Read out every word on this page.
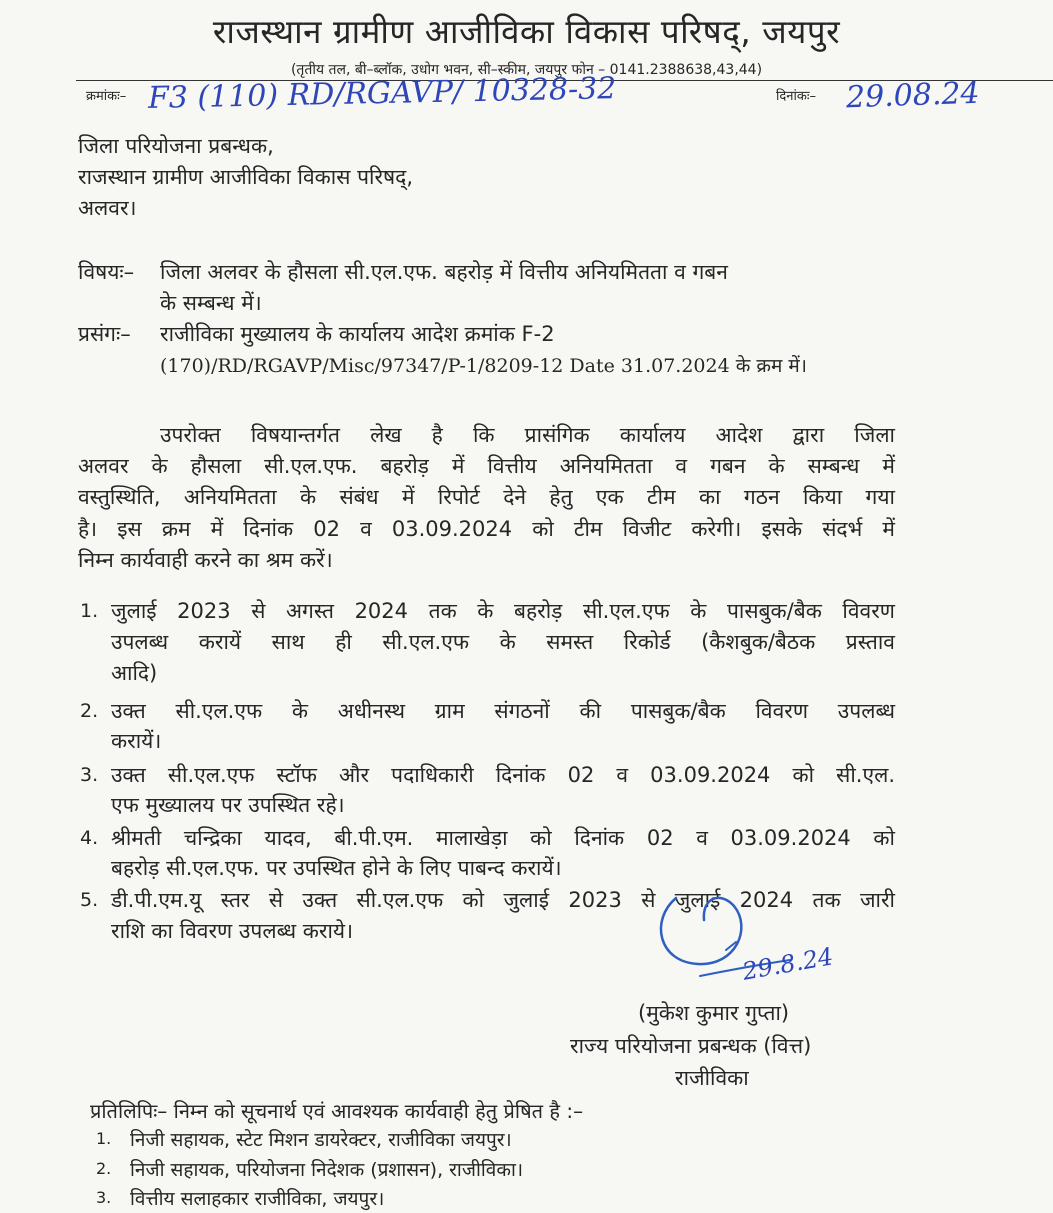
राजस्थान ग्रामीण आजीविका विकास परिषद्, जयपुर
(तृतीय तल, बी–ब्लॉक, उधोग भवन, सी–स्कीम, जयपुर फोन – 0141.2388638,43,44)
क्रमांकः– F3 (110) RD/RGAVP/ 10328-32	दिनांकः– 29.08.24
जिला परियोजना प्रबन्धक,
राजस्थान ग्रामीण आजीविका विकास परिषद्,
अलवर।
विषयः– जिला अलवर के हौसला सी.एल.एफ. बहरोड़ में वित्तीय अनियमितता व गबन
के सम्बन्ध में।
प्रसंगः– राजीविका मुख्यालय के कार्यालय आदेश क्रमांक F-2
(170)/RD/RGAVP/Misc/97347/P-1/8209-12 Date 31.07.2024 के क्रम में।
उपरोक्त विषयान्तर्गत लेख है कि प्रासंगिक कार्यालय आदेश द्वारा जिला
अलवर के हौसला सी.एल.एफ. बहरोड़ में वित्तीय अनियमितता व गबन के सम्बन्ध में
वस्तुस्थिति, अनियमितता के संबंध में रिपोर्ट देने हेतु एक टीम का गठन किया गया
है। इस क्रम में दिनांक 02 व 03.09.2024 को टीम विजीट करेगी। इसके संदर्भ में
निम्न कार्यवाही करने का श्रम करें।
1. जुलाई 2023 से अगस्त 2024 तक के बहरोड़ सी.एल.एफ के पासबुक/बैक विवरण
उपलब्ध करायें साथ ही सी.एल.एफ के समस्त रिकोर्ड (कैशबुक/बैठक प्रस्ताव
आदि)
2. उक्त सी.एल.एफ के अधीनस्थ ग्राम संगठनों की पासबुक/बैक विवरण उपलब्ध
करायें।
3. उक्त सी.एल.एफ स्टॉफ और पदाधिकारी दिनांक 02 व 03.09.2024 को सी.एल.
एफ मुख्यालय पर उपस्थित रहे।
4. श्रीमती चन्द्रिका यादव, बी.पी.एम. मालाखेड़ा को दिनांक 02 व 03.09.2024 को
बहरोड़ सी.एल.एफ. पर उपस्थित होने के लिए पाबन्द करायें।
5. डी.पी.एम.यू स्तर से उक्त सी.एल.एफ को जुलाई 2023 से जुलाई 2024 तक जारी
राशि का विवरण उपलब्ध कराये।
29.8.24
(मुकेश कुमार गुप्ता)
राज्य परियोजना प्रबन्धक (वित्त)
राजीविका
प्रतिलिपिः– निम्न को सूचनार्थ एवं आवश्यक कार्यवाही हेतु प्रेषित है :–
1. निजी सहायक, स्टेट मिशन डायरेक्टर, राजीविका जयपुर।
2. निजी सहायक, परियोजना निदेशक (प्रशासन), राजीविका।
3. वित्तीय सलाहकार राजीविका, जयपुर।
